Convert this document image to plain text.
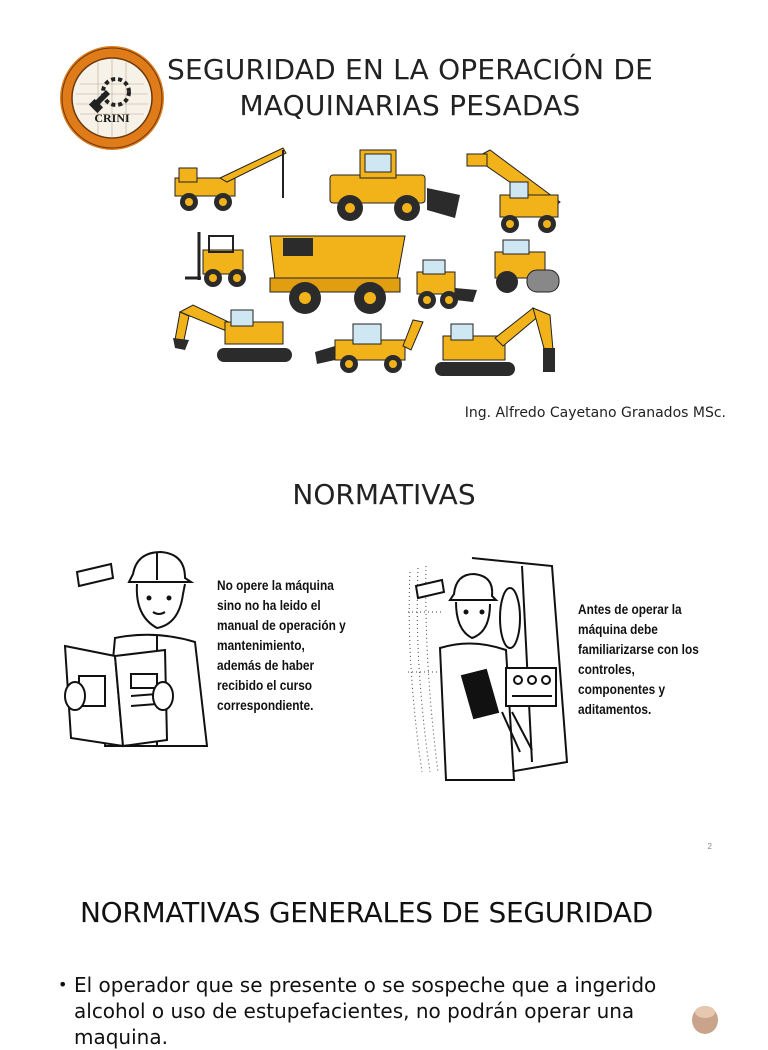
CRINI
SEGURIDAD EN LA OPERACIÓN DE MAQUINARIAS PESADAS

Ing. Alfredo Cayetano Granados MSc.

NORMATIVAS

No opere la máquina sino no ha leido el manual de operación y mantenimiento, además de haber recibido el curso correspondiente.

Antes de operar la máquina debe familiarizarse con los controles, componentes y aditamentos.

2
NORMATIVAS GENERALES DE SEGURIDAD
• El operador que se presente o se sospeche que a ingerido alcohol o uso de estupefacientes, no podrán operar una maquina.
